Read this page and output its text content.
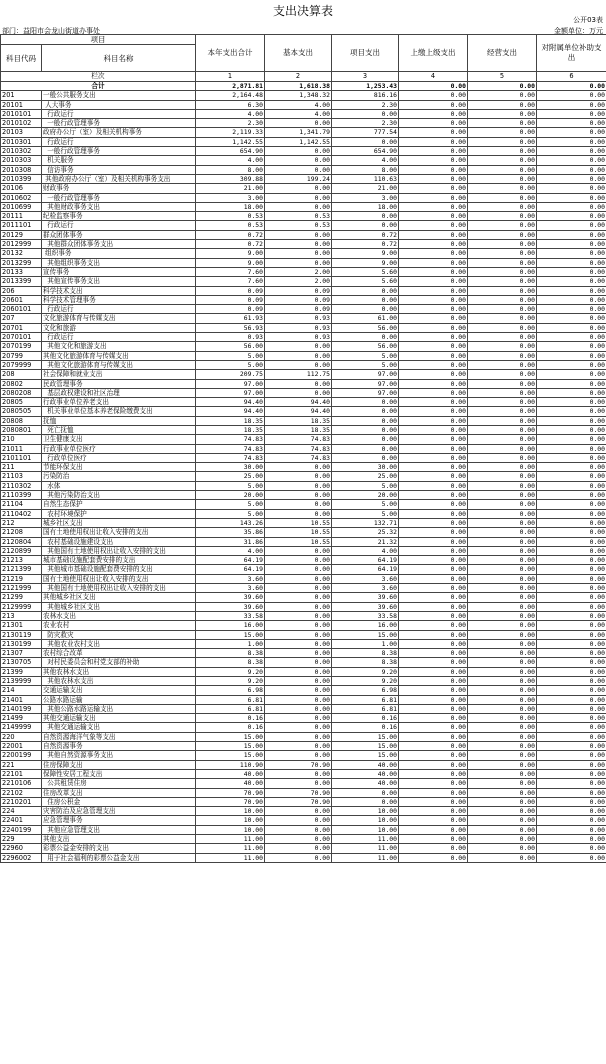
支出决算表
公开03表
部门：益阳市会龙山街道办事处	金额单位：万元
项目		本年支出合计	基本支出	项目支出	上缴上级支出	经营支出	对附属单位补助支出
科目代码	科目名称						
栏次		1	2	3	4	5	6
合计		2,871.81	1,618.38	1,253.43	0.00	0.00	0.00
201	一般公共服务支出	2,164.48	1,348.32	816.16	0.00	0.00	0.00
20101	人大事务	6.30	4.00	2.30	0.00	0.00	0.00
2010101	行政运行	4.00	4.00	0.00	0.00	0.00	0.00
2010102	一般行政管理事务	2.30	0.00	2.30	0.00	0.00	0.00
20103	政府办公厅（室）及相关机构事务	2,119.33	1,341.79	777.54	0.00	0.00	0.00
2010301	行政运行	1,142.55	1,142.55	0.00	0.00	0.00	0.00
2010302	一般行政管理事务	654.90	0.00	654.90	0.00	0.00	0.00
2010303	机关服务	4.00	0.00	4.00	0.00	0.00	0.00
2010308	信访事务	8.00	0.00	8.00	0.00	0.00	0.00
2010399	其他政府办公厅（室）及相关机构事务支出	309.88	199.24	110.63	0.00	0.00	0.00
20106	财政事务	21.00	0.00	21.00	0.00	0.00	0.00
2010602	一般行政管理事务	3.00	0.00	3.00	0.00	0.00	0.00
2010699	其他财政事务支出	18.00	0.00	18.00	0.00	0.00	0.00
20111	纪检监察事务	0.53	0.53	0.00	0.00	0.00	0.00
2011101	行政运行	0.53	0.53	0.00	0.00	0.00	0.00
20129	群众团体事务	0.72	0.00	0.72	0.00	0.00	0.00
2012999	其他群众团体事务支出	0.72	0.00	0.72	0.00	0.00	0.00
20132	组织事务	9.00	0.00	9.00	0.00	0.00	0.00
2013299	其他组织事务支出	9.00	0.00	9.00	0.00	0.00	0.00
20133	宣传事务	7.60	2.00	5.60	0.00	0.00	0.00
2013399	其他宣传事务支出	7.60	2.00	5.60	0.00	0.00	0.00
206	科学技术支出	0.09	0.09	0.00	0.00	0.00	0.00
20601	科学技术管理事务	0.09	0.09	0.00	0.00	0.00	0.00
2060101	行政运行	0.09	0.09	0.00	0.00	0.00	0.00
207	文化旅游体育与传媒支出	61.93	0.93	61.00	0.00	0.00	0.00
20701	文化和旅游	56.93	0.93	56.00	0.00	0.00	0.00
2070101	行政运行	0.93	0.93	0.00	0.00	0.00	0.00
2070199	其他文化和旅游支出	56.00	0.00	56.00	0.00	0.00	0.00
20799	其他文化旅游体育与传媒支出	5.00	0.00	5.00	0.00	0.00	0.00
2079999	其他文化旅游体育与传媒支出	5.00	0.00	5.00	0.00	0.00	0.00
208	社会保障和就业支出	209.75	112.75	97.00	0.00	0.00	0.00
20802	民政管理事务	97.00	0.00	97.00	0.00	0.00	0.00
2080208	基层政权建设和社区治理	97.00	0.00	97.00	0.00	0.00	0.00
20805	行政事业单位养老支出	94.40	94.40	0.00	0.00	0.00	0.00
2080505	机关事业单位基本养老保险缴费支出	94.40	94.40	0.00	0.00	0.00	0.00
20808	抚恤	18.35	18.35	0.00	0.00	0.00	0.00
2080801	死亡抚恤	18.35	18.35	0.00	0.00	0.00	0.00
210	卫生健康支出	74.83	74.83	0.00	0.00	0.00	0.00
21011	行政事业单位医疗	74.83	74.83	0.00	0.00	0.00	0.00
2101101	行政单位医疗	74.83	74.83	0.00	0.00	0.00	0.00
211	节能环保支出	30.00	0.00	30.00	0.00	0.00	0.00
21103	污染防治	25.00	0.00	25.00	0.00	0.00	0.00
2110302	水体	5.00	0.00	5.00	0.00	0.00	0.00
2110399	其他污染防治支出	20.00	0.00	20.00	0.00	0.00	0.00
21104	自然生态保护	5.00	0.00	5.00	0.00	0.00	0.00
2110402	农村环境保护	5.00	0.00	5.00	0.00	0.00	0.00
212	城乡社区支出	143.26	10.55	132.71	0.00	0.00	0.00
21208	国有土地使用权出让收入安排的支出	35.86	10.55	25.32	0.00	0.00	0.00
2120804	农村基础设施建设支出	31.86	10.55	21.32	0.00	0.00	0.00
2120899	其他国有土地使用权出让收入安排的支出	4.00	0.00	4.00	0.00	0.00	0.00
21213	城市基础设施配套费安排的支出	64.19	0.00	64.19	0.00	0.00	0.00
2121399	其他城市基础设施配套费安排的支出	64.19	0.00	64.19	0.00	0.00	0.00
21219	国有土地使用权出让收入安排的支出	3.60	0.00	3.60	0.00	0.00	0.00
2121999	其他国有土地使用权出让收入安排的支出	3.60	0.00	3.60	0.00	0.00	0.00
21299	其他城乡社区支出	39.60	0.00	39.60	0.00	0.00	0.00
2129999	其他城乡社区支出	39.60	0.00	39.60	0.00	0.00	0.00
213	农林水支出	33.58	0.00	33.58	0.00	0.00	0.00
21301	农业农村	16.00	0.00	16.00	0.00	0.00	0.00
2130119	防灾救灾	15.00	0.00	15.00	0.00	0.00	0.00
2130199	其他农业农村支出	1.00	0.00	1.00	0.00	0.00	0.00
21307	农村综合改革	8.38	0.00	8.38	0.00	0.00	0.00
2130705	对村民委员会和村党支部的补助	8.38	0.00	8.38	0.00	0.00	0.00
21399	其他农林水支出	9.20	0.00	9.20	0.00	0.00	0.00
2139999	其他农林水支出	9.20	0.00	9.20	0.00	0.00	0.00
214	交通运输支出	6.98	0.00	6.98	0.00	0.00	0.00
21401	公路水路运输	6.81	0.00	6.81	0.00	0.00	0.00
2140199	其他公路水路运输支出	6.81	0.00	6.81	0.00	0.00	0.00
21499	其他交通运输支出	0.16	0.00	0.16	0.00	0.00	0.00
2149999	其他交通运输支出	0.16	0.00	0.16	0.00	0.00	0.00
220	自然资源海洋气象等支出	15.00	0.00	15.00	0.00	0.00	0.00
22001	自然资源事务	15.00	0.00	15.00	0.00	0.00	0.00
2200199	其他自然资源事务支出	15.00	0.00	15.00	0.00	0.00	0.00
221	住房保障支出	110.90	70.90	40.00	0.00	0.00	0.00
22101	保障性安居工程支出	40.00	0.00	40.00	0.00	0.00	0.00
2210106	公共租赁住房	40.00	0.00	40.00	0.00	0.00	0.00
22102	住房改革支出	70.90	70.90	0.00	0.00	0.00	0.00
2210201	住房公积金	70.90	70.90	0.00	0.00	0.00	0.00
224	灾害防治及应急管理支出	10.00	0.00	10.00	0.00	0.00	0.00
22401	应急管理事务	10.00	0.00	10.00	0.00	0.00	0.00
2240199	其他应急管理支出	10.00	0.00	10.00	0.00	0.00	0.00
229	其他支出	11.00	0.00	11.00	0.00	0.00	0.00
22960	彩票公益金安排的支出	11.00	0.00	11.00	0.00	0.00	0.00
2296002	用于社会福利的彩票公益金支出	11.00	0.00	11.00	0.00	0.00	0.00
